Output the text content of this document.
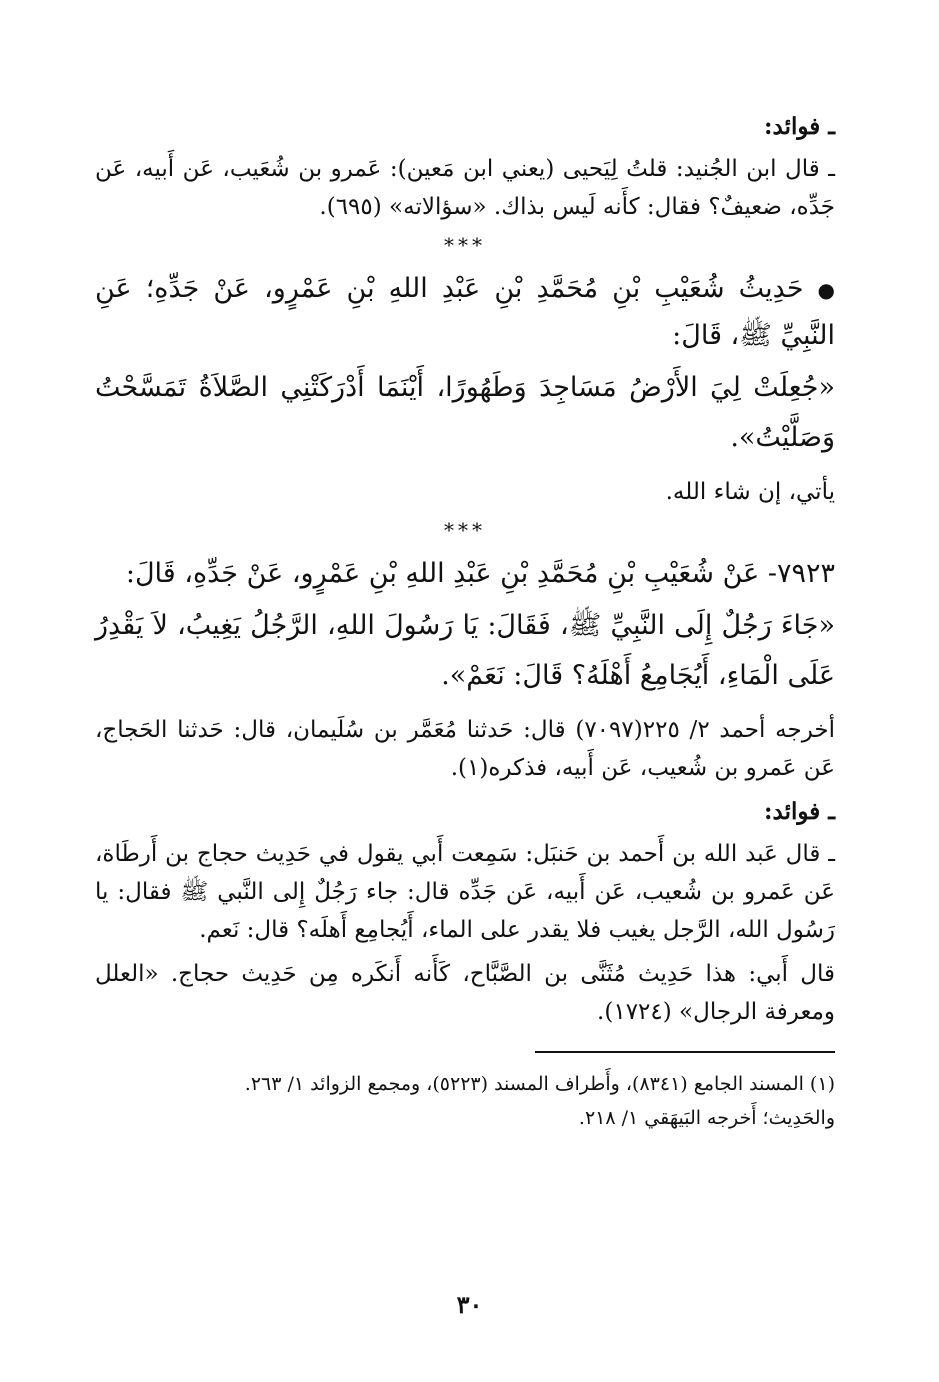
ـ فوائد:

ـ قال ابن الجُنيد: قلتُ لِيَحيى (يعني ابن مَعين): عَمرو بن شُعَيب، عَن أَبيه، عَن جَدِّه، ضعيفٌ؟ فقال: كأَنه لَيس بذاك. «سؤالاته» (٦٩٥).

***

●حَدِيثُ شُعَيْبِ بْنِ مُحَمَّدِ بْنِ عَبْدِ اللهِ بْنِ عَمْرٍو، عَنْ جَدِّهِ؛ عَنِ النَّبِيِّ ﷺ، قَالَ:

«جُعِلَتْ لِيَ الأَرْضُ مَسَاجِدَ وَطَهُورًا، أَيْنَمَا أَدْرَكَتْنِي الصَّلاَةُ تَمَسَّحْتُ وَصَلَّيْتُ».

يأتي، إن شاء الله.

***

٧٩٢٣- عَنْ شُعَيْبِ بْنِ مُحَمَّدِ بْنِ عَبْدِ اللهِ بْنِ عَمْرٍو، عَنْ جَدِّهِ، قَالَ:

«جَاءَ رَجُلٌ إِلَى النَّبِيِّ ﷺ، فَقَالَ: يَا رَسُولَ اللهِ، الرَّجُلُ يَغِيبُ، لاَ يَقْدِرُ عَلَى الْمَاءِ، أَيُجَامِعُ أَهْلَهُ؟ قَالَ: نَعَمْ».

أخرجه أحمد ٢/ ٢٢٥(٧٠٩٧) قال: حَدثنا مُعَمَّر بن سُلَيمان، قال: حَدثنا الحَجاج، عَن عَمرو بن شُعيب، عَن أَبيه، فذكره(١).

ـ فوائد:

ـ قال عَبد الله بن أَحمد بن حَنبَل: سَمِعت أَبي يقول في حَدِيث حجاج بن أَرطَاة، عَن عَمرو بن شُعيب، عَن أَبيه، عَن جَدِّه قال: جاء رَجُلٌ إِلى النَّبي ﷺ فقال: يا رَسُول الله، الرَّجل يغيب فلا يقدر على الماء، أَيُجامِع أَهلَه؟ قال: نَعم.

قال أَبي: هذا حَدِيث مُثَنَّى بن الصَّبَّاح، كَأَنه أَنكَره مِن حَدِيث حجاج. «العلل ومعرفة الرجال» (١٧٢٤).

(١) المسند الجامع (٨٣٤١)، وأَطراف المسند (٥٢٢٣)، ومجمع الزوائد ١/ ٢٦٣.

والحَدِيث؛ أَخرجه البَيهَقي ١/ ٢١٨.

٣٠
